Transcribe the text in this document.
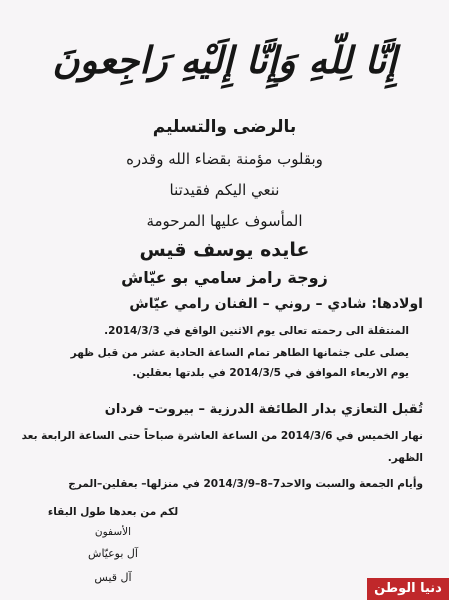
إِنَّا لِلّهِ وَإِنَّا إِلَيْهِ رَاجِعونَ
بالرضى والتسليم
وبقلوب مؤمنة بقضاء الله وقدره
ننعي اليكم فقيدتنا
المأسوف عليها المرحومة
عايده يوسف قيس
زوجة رامز سامي بو عيّاش
اولادها: شادي – روني – الفنان رامي عيّاش
المنتقلة الى رحمته تعالى يوم الاثنين الواقع في 2014/3/3.
يصلى على جثمانها الطاهر تمام الساعة الحادية عشر من قبل ظهر
يوم الاربعاء الموافق في 2014/3/5 في بلدتها بعقلين.
تُقبل التعازي بدار الطائفة الدرزية – بيروت– فردان
نهار الخميس في 2014/3/6 من الساعة العاشرة صباحاً حتى الساعة الرابعة بعد
الظهر.
وأيام الجمعة والسبت والاحد7–8–2014/3/9 في منزلها– بعقلين–المرج
لكم من بعدها طول البقاء
الأسفون
آل بوعيّاش
آل قيس
دنيا الوطن
